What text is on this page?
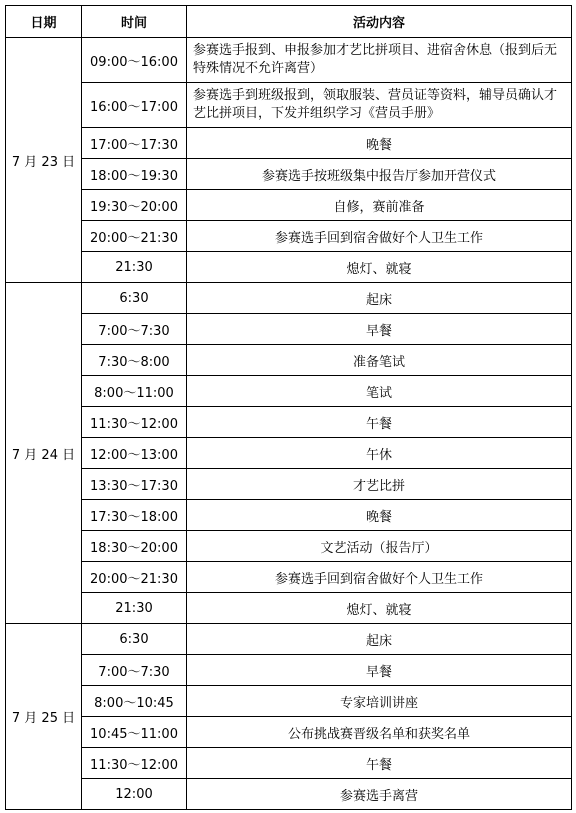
日期	时间	活动内容
7 月 23 日	09:00～16:00	参赛选手报到、申报参加才艺比拼项目、进宿舍休息（报到后无特殊情况不允许离营）
	16:00～17:00	参赛选手到班级报到，领取服装、营员证等资料，辅导员确认才艺比拼项目，下发并组织学习《营员手册》
	17:00～17:30	晚餐
	18:00～19:30	参赛选手按班级集中报告厅参加开营仪式
	19:30～20:00	自修，赛前准备
	20:00～21:30	参赛选手回到宿舍做好个人卫生工作
	21:30	熄灯、就寝
7 月 24 日	6:30	起床
	7:00～7:30	早餐
	7:30～8:00	准备笔试
	8:00～11:00	笔试
	11:30～12:00	午餐
	12:00～13:00	午休
	13:30～17:30	才艺比拼
	17:30～18:00	晚餐
	18:30～20:00	文艺活动（报告厅）
	20:00～21:30	参赛选手回到宿舍做好个人卫生工作
	21:30	熄灯、就寝
7 月 25 日	6:30	起床
	7:00～7:30	早餐
	8:00～10:45	专家培训讲座
	10:45～11:00	公布挑战赛晋级名单和获奖名单
	11:30～12:00	午餐
	12:00	参赛选手离营
